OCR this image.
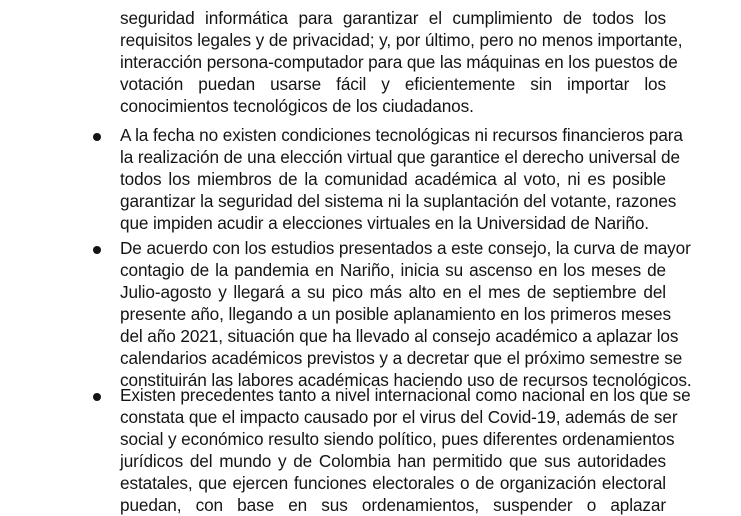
seguridad informática para garantizar el cumplimiento de todos los
requisitos legales y de privacidad; y, por último, pero no menos importante,
interacción persona-computador para que las máquinas en los puestos de
votación puedan usarse fácil y eficientemente sin importar los
conocimientos tecnológicos de los ciudadanos.
A la fecha no existen condiciones tecnológicas ni recursos financieros para
la realización de una elección virtual que garantice el derecho universal de
todos los miembros de la comunidad académica al voto, ni es posible
garantizar la seguridad del sistema ni la suplantación del votante, razones
que impiden acudir a elecciones virtuales en la Universidad de Nariño.
De acuerdo con los estudios presentados a este consejo, la curva de mayor
contagio de la pandemia en Nariño, inicia su ascenso en los meses de
Julio-agosto y llegará a su pico más alto en el mes de septiembre del
presente año, llegando a un posible aplanamiento en los primeros meses
del año 2021, situación que ha llevado al consejo académico a aplazar los
calendarios académicos previstos y a decretar que el próximo semestre se
constituirán las labores académicas haciendo uso de recursos tecnológicos.
Existen precedentes tanto a nivel internacional como nacional en los que se
constata que el impacto causado por el virus del Covid-19, además de ser
social y económico resulto siendo político, pues diferentes ordenamientos
jurídicos del mundo y de Colombia han permitido que sus autoridades
estatales, que ejercen funciones electorales o de organización electoral
puedan, con base en sus ordenamientos, suspender o aplazar
